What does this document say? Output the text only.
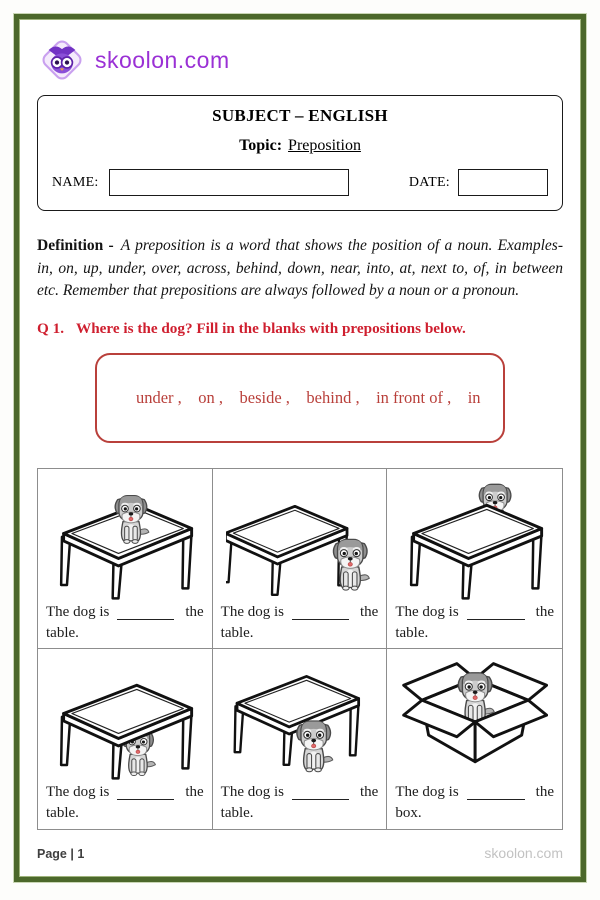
skoolon.com
SUBJECT – ENGLISH
Topic: Preposition
NAME:	DATE:

Definition - A preposition is a word that shows the position of a noun. Examples- in, on, up, under, over, across, behind, down, near, into, at, next to, of, in between etc. Remember that prepositions are always followed by a noun or a pronoun.

Q 1. Where is the dog? Fill in the blanks with prepositions below.

under ,    on ,    beside ,    behind ,    in front of ,    in

The dog is	the
table.
The dog is	the
table.
The dog is	the
table.
The dog is	the
table.
The dog is	the
table.
The dog is	the
box.
Page | 1	skoolon.com
